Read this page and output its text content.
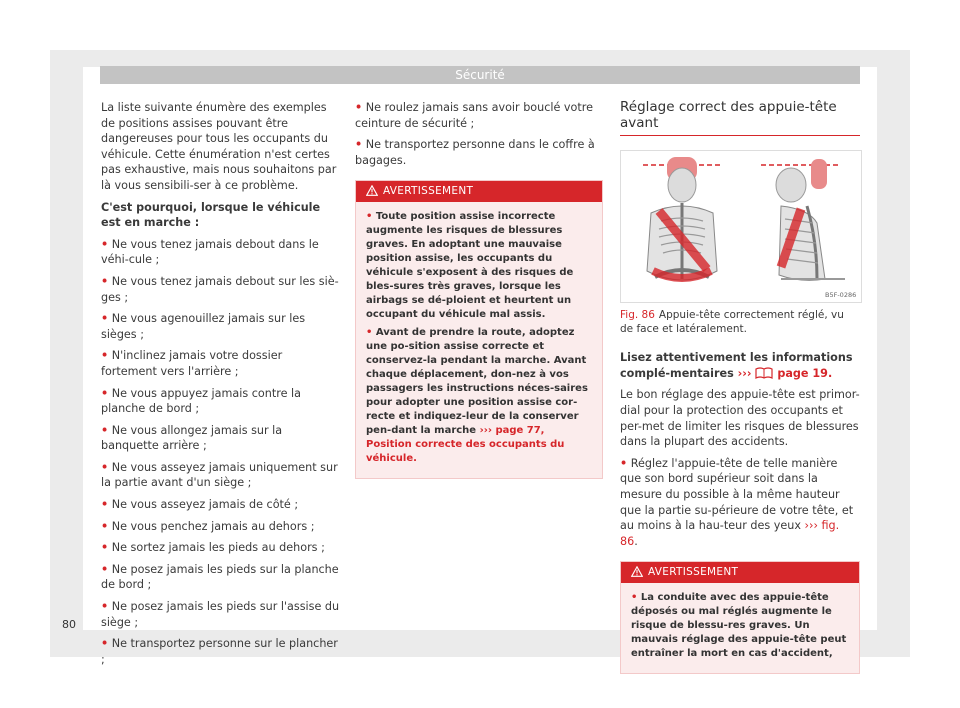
Sécurité

La liste suivante énumère des exemples de positions assises pouvant être dangereuses pour tous les occupants du véhicule. Cette énumération n'est certes pas exhaustive, mais nous souhaitons par là vous sensibili-ser à ce problème.

C'est pourquoi, lorsque le véhicule est en marche :

• Ne vous tenez jamais debout dans le véhi-cule ;
• Ne vous tenez jamais debout sur les siè-ges ;
• Ne vous agenouillez jamais sur les sièges ;
• N'inclinez jamais votre dossier fortement vers l'arrière ;
• Ne vous appuyez jamais contre la planche de bord ;
• Ne vous allongez jamais sur la banquette arrière ;
• Ne vous asseyez jamais uniquement sur la partie avant d'un siège ;
• Ne vous asseyez jamais de côté ;
• Ne vous penchez jamais au dehors ;
• Ne sortez jamais les pieds au dehors ;
• Ne posez jamais les pieds sur la planche de bord ;
• Ne posez jamais les pieds sur l'assise du siège ;
• Ne transportez personne sur le plancher ;
• Ne roulez jamais sans avoir bouclé votre ceinture de sécurité ;
• Ne transportez personne dans le coffre à bagages.
AVERTISSEMENT

• Toute position assise incorrecte augmente les risques de blessures graves. En adoptant une mauvaise position assise, les occupants du véhicule s'exposent à des risques de bles-sures très graves, lorsque les airbags se dé-ploient et heurtent un occupant du véhicule mal assis.

• Avant de prendre la route, adoptez une po-sition assise correcte et conservez-la pendant la marche. Avant chaque déplacement, don-nez à vos passagers les instructions néces-saires pour adopter une position assise cor-recte et indiquez-leur de la conserver pen-dant la marche ››› page 77, Position correcte des occupants du véhicule.

Réglage correct des appuie-tête avant
B5F-0286
Fig. 86 Appuie-tête correctement réglé, vu de face et latéralement.

Lisez attentivement les informations complé-mentaires ››› page 19.

Le bon réglage des appuie-tête est primor-dial pour la protection des occupants et per-met de limiter les risques de blessures dans la plupart des accidents.

• Réglez l'appuie-tête de telle manière que son bord supérieur soit dans la mesure du possible à la même hauteur que la partie su-périeure de votre tête, et au moins à la hau-teur des yeux ››› fig. 86.
AVERTISSEMENT

• La conduite avec des appuie-tête déposés ou mal réglés augmente le risque de blessu-res graves. Un mauvais réglage des appuie-tête peut entraîner la mort en cas d'accident,

80
